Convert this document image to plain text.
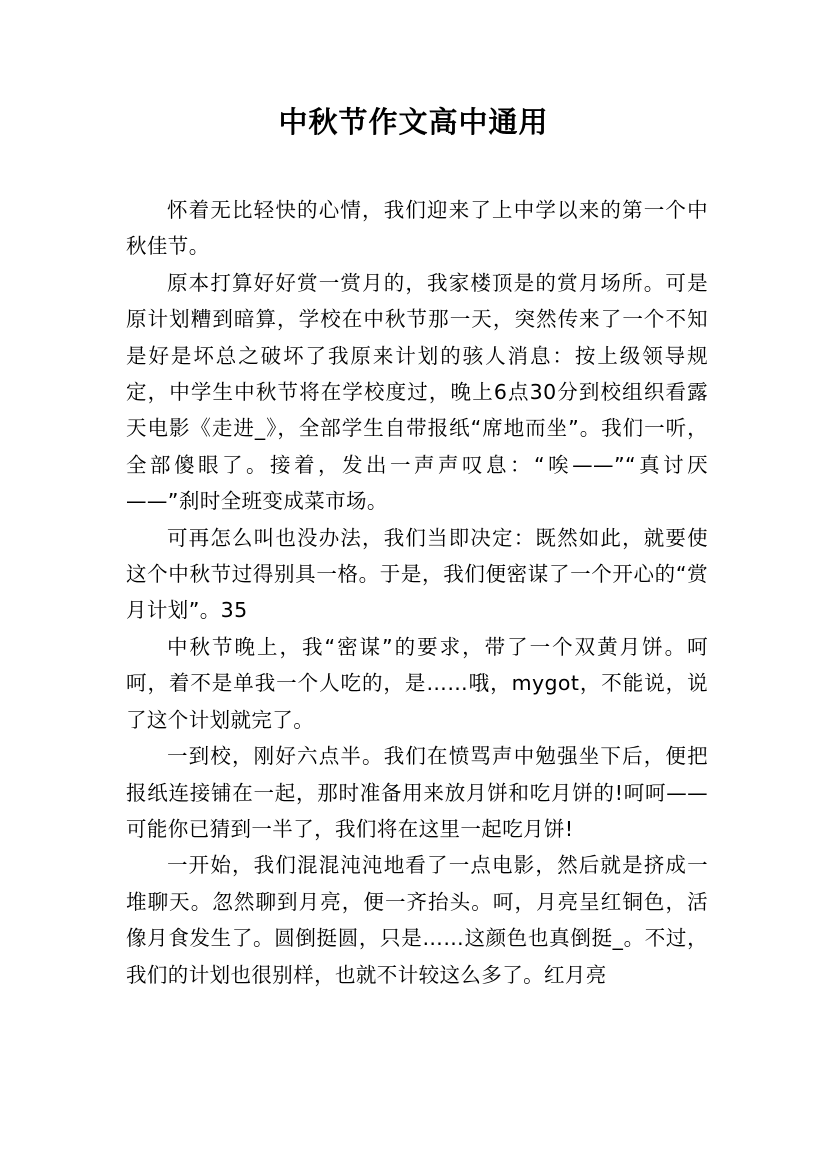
中秋节作文高中通用

怀着无比轻快的心情，我们迎来了上中学以来的第一个中秋佳节。

原本打算好好赏一赏月的，我家楼顶是的赏月场所。可是原计划糟到暗算，学校在中秋节那一天，突然传来了一个不知是好是坏总之破坏了我原来计划的骇人消息：按上级领导规定，中学生中秋节将在学校度过，晚上6点30分到校组织看露天电影《走进_》，全部学生自带报纸“席地而坐”。我们一听，全部傻眼了。接着，发出一声声叹息：“唉——”“真讨厌——”刹时全班变成菜市场。

可再怎么叫也没办法，我们当即决定：既然如此，就要使这个中秋节过得别具一格。于是，我们便密谋了一个开心的“赏月计划”。35

中秋节晚上，我“密谋”的要求，带了一个双黄月饼。呵呵，着不是单我一个人吃的，是……哦，mygot，不能说，说了这个计划就完了。

一到校，刚好六点半。我们在愤骂声中勉强坐下后，便把报纸连接铺在一起，那时准备用来放月饼和吃月饼的!呵呵——可能你已猜到一半了，我们将在这里一起吃月饼!

一开始，我们混混沌沌地看了一点电影，然后就是挤成一堆聊天。忽然聊到月亮，便一齐抬头。呵，月亮呈红铜色，活像月食发生了。圆倒挺圆，只是……这颜色也真倒挺_。不过，我们的计划也很别样，也就不计较这么多了。红月亮
